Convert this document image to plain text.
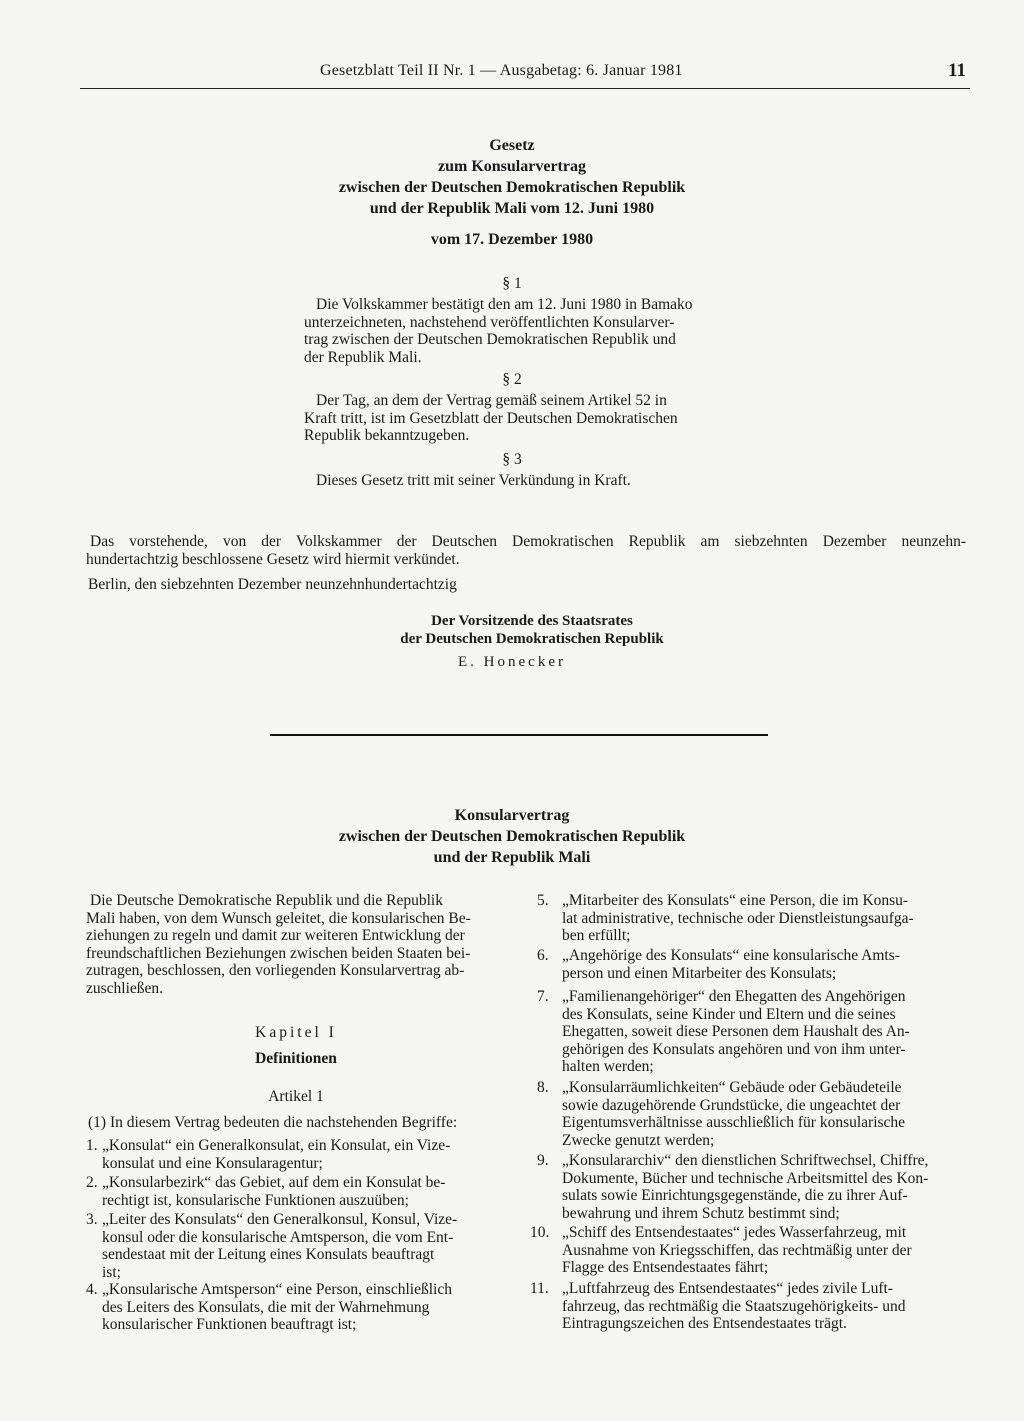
Gesetzblatt Teil II Nr. 1 — Ausgabetag: 6. Januar 1981	11
Gesetz
zum Konsularvertrag
zwischen der Deutschen Demokratischen Republik
und der Republik Mali vom 12. Juni 1980
vom 17. Dezember 1980
§ 1
Die Volkskammer bestätigt den am 12. Juni 1980 in Bamako
unterzeichneten, nachstehend veröffentlichten Konsularver-
trag zwischen der Deutschen Demokratischen Republik und
der Republik Mali.
§ 2
Der Tag, an dem der Vertrag gemäß seinem Artikel 52 in
Kraft tritt, ist im Gesetzblatt der Deutschen Demokratischen
Republik bekanntzugeben.
§ 3
Dieses Gesetz tritt mit seiner Verkündung in Kraft.
Das vorstehende, von der Volkskammer der Deutschen Demokratischen Republik am siebzehnten Dezember neunzehn-
hundertachtzig beschlossene Gesetz wird hiermit verkündet.
Berlin, den siebzehnten Dezember neunzehnhundertachtzig
Der Vorsitzende des Staatsrates
der Deutschen Demokratischen Republik
E. Honecker
Konsularvertrag
zwischen der Deutschen Demokratischen Republik
und der Republik Mali
Die Deutsche Demokratische Republik und die Republik
Mali haben, von dem Wunsch geleitet, die konsularischen Be-
ziehungen zu regeln und damit zur weiteren Entwicklung der
freundschaftlichen Beziehungen zwischen beiden Staaten bei-
zutragen, beschlossen, den vorliegenden Konsularvertrag ab-
zuschließen.
Kapitel I
Definitionen
Artikel 1
(1) In diesem Vertrag bedeuten die nachstehenden Begriffe:
1. „Konsulat“ ein Generalkonsulat, ein Konsulat, ein Vize-
konsulat und eine Konsularagentur;
2. „Konsularbezirk“ das Gebiet, auf dem ein Konsulat be-
rechtigt ist, konsularische Funktionen auszuüben;
3. „Leiter des Konsulats“ den Generalkonsul, Konsul, Vize-
konsul oder die konsularische Amtsperson, die vom Ent-
sendestaat mit der Leitung eines Konsulats beauftragt
ist;
4. „Konsularische Amtsperson“ eine Person, einschließlich
des Leiters des Konsulats, die mit der Wahrnehmung
konsularischer Funktionen beauftragt ist;
5. „Mitarbeiter des Konsulats“ eine Person, die im Konsu-
lat administrative, technische oder Dienstleistungsaufga-
ben erfüllt;
6. „Angehörige des Konsulats“ eine konsularische Amts-
person und einen Mitarbeiter des Konsulats;
7. „Familienangehöriger“ den Ehegatten des Angehörigen
des Konsulats, seine Kinder und Eltern und die seines
Ehegatten, soweit diese Personen dem Haushalt des An-
gehörigen des Konsulats angehören und von ihm unter-
halten werden;
8. „Konsularräumlichkeiten“ Gebäude oder Gebäudeteile
sowie dazugehörende Grundstücke, die ungeachtet der
Eigentumsverhältnisse ausschließlich für konsularische
Zwecke genutzt werden;
9. „Konsulararchiv“ den dienstlichen Schriftwechsel, Chiffre,
Dokumente, Bücher und technische Arbeitsmittel des Kon-
sulats sowie Einrichtungsgegenstände, die zu ihrer Auf-
bewahrung und ihrem Schutz bestimmt sind;
10. „Schiff des Entsendestaates“ jedes Wasserfahrzeug, mit
Ausnahme von Kriegsschiffen, das rechtmäßig unter der
Flagge des Entsendestaates fährt;
11. „Luftfahrzeug des Entsendestaates“ jedes zivile Luft-
fahrzeug, das rechtmäßig die Staatszugehörigkeits- und
Eintragungszeichen des Entsendestaates trägt.
